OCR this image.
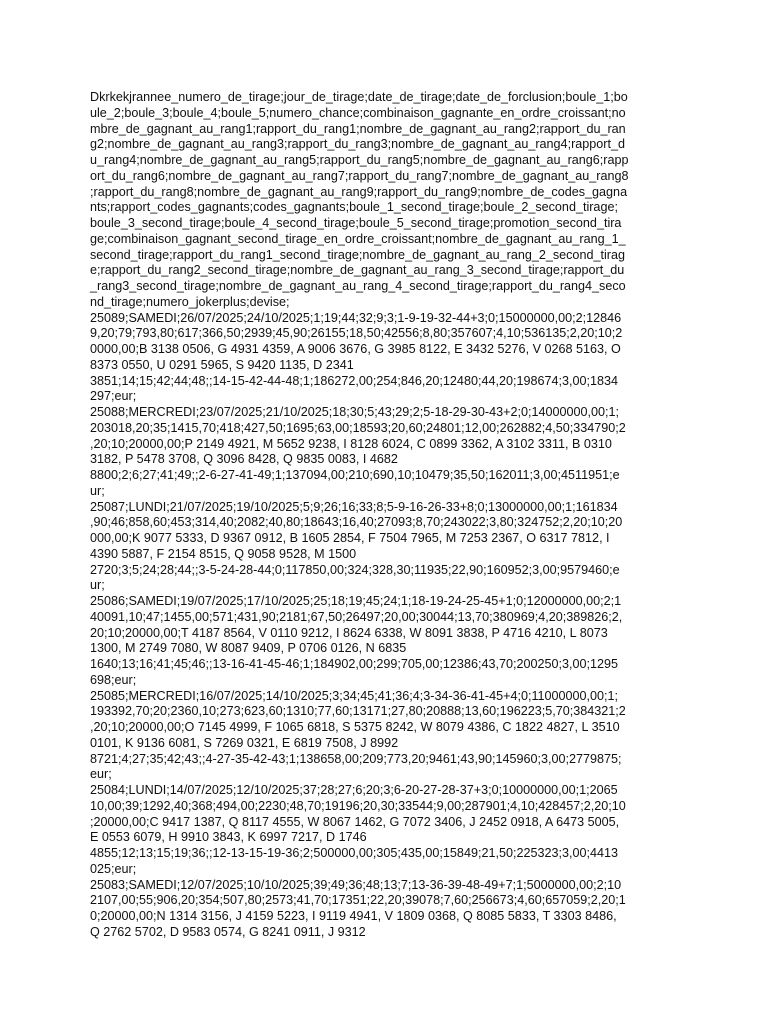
Dkrkekjrannee_numero_de_tirage;jour_de_tirage;date_de_tirage;date_de_forclusion;boule_1;bo
ule_2;boule_3;boule_4;boule_5;numero_chance;combinaison_gagnante_en_ordre_croissant;no
mbre_de_gagnant_au_rang1;rapport_du_rang1;nombre_de_gagnant_au_rang2;rapport_du_ran
g2;nombre_de_gagnant_au_rang3;rapport_du_rang3;nombre_de_gagnant_au_rang4;rapport_d
u_rang4;nombre_de_gagnant_au_rang5;rapport_du_rang5;nombre_de_gagnant_au_rang6;rapp
ort_du_rang6;nombre_de_gagnant_au_rang7;rapport_du_rang7;nombre_de_gagnant_au_rang8
;rapport_du_rang8;nombre_de_gagnant_au_rang9;rapport_du_rang9;nombre_de_codes_gagna
nts;rapport_codes_gagnants;codes_gagnants;boule_1_second_tirage;boule_2_second_tirage;
boule_3_second_tirage;boule_4_second_tirage;boule_5_second_tirage;promotion_second_tira
ge;combinaison_gagnant_second_tirage_en_ordre_croissant;nombre_de_gagnant_au_rang_1_
second_tirage;rapport_du_rang1_second_tirage;nombre_de_gagnant_au_rang_2_second_tirag
e;rapport_du_rang2_second_tirage;nombre_de_gagnant_au_rang_3_second_tirage;rapport_du
_rang3_second_tirage;nombre_de_gagnant_au_rang_4_second_tirage;rapport_du_rang4_seco
nd_tirage;numero_jokerplus;devise;
25089;SAMEDI;26/07/2025;24/10/2025;1;19;44;32;9;3;1-9-19-32-44+3;0;15000000,00;2;12846
9,20;79;793,80;617;366,50;2939;45,90;26155;18,50;42556;8,80;357607;4,10;536135;2,20;10;2
0000,00;B 3138 0506, G 4931 4359, A 9006 3676, G 3985 8122, E 3432 5276, V 0268 5163, O
8373 0550, U 0291 5965, S 9420 1135, D 2341
3851;14;15;42;44;48;;14-15-42-44-48;1;186272,00;254;846,20;12480;44,20;198674;3,00;1834
297;eur;
25088;MERCREDI;23/07/2025;21/10/2025;18;30;5;43;29;2;5-18-29-30-43+2;0;14000000,00;1;
203018,20;35;1415,70;418;427,50;1695;63,00;18593;20,60;24801;12,00;262882;4,50;334790;2
,20;10;20000,00;P 2149 4921, M 5652 9238, I 8128 6024, C 0899 3362, A 3102 3311, B 0310
3182, P 5478 3708, Q 3096 8428, Q 9835 0083, I 4682
8800;2;6;27;41;49;;2-6-27-41-49;1;137094,00;210;690,10;10479;35,50;162011;3,00;4511951;e
ur;
25087;LUNDI;21/07/2025;19/10/2025;5;9;26;16;33;8;5-9-16-26-33+8;0;13000000,00;1;161834
,90;46;858,60;453;314,40;2082;40,80;18643;16,40;27093;8,70;243022;3,80;324752;2,20;10;20
000,00;K 9077 5333, D 9367 0912, B 1605 2854, F 7504 7965, M 7253 2367, O 6317 7812, I
4390 5887, F 2154 8515, Q 9058 9528, M 1500
2720;3;5;24;28;44;;3-5-24-28-44;0;117850,00;324;328,30;11935;22,90;160952;3,00;9579460;e
ur;
25086;SAMEDI;19/07/2025;17/10/2025;25;18;19;45;24;1;18-19-24-25-45+1;0;12000000,00;2;1
40091,10;47;1455,00;571;431,90;2181;67,50;26497;20,00;30044;13,70;380969;4,20;389826;2,
20;10;20000,00;T 4187 8564, V 0110 9212, I 8624 6338, W 8091 3838, P 4716 4210, L 8073
1300, M 2749 7080, W 8087 9409, P 0706 0126, N 6835
1640;13;16;41;45;46;;13-16-41-45-46;1;184902,00;299;705,00;12386;43,70;200250;3,00;1295
698;eur;
25085;MERCREDI;16/07/2025;14/10/2025;3;34;45;41;36;4;3-34-36-41-45+4;0;11000000,00;1;
193392,70;20;2360,10;273;623,60;1310;77,60;13171;27,80;20888;13,60;196223;5,70;384321;2
,20;10;20000,00;O 7145 4999, F 1065 6818, S 5375 8242, W 8079 4386, C 1822 4827, L 3510
0101, K 9136 6081, S 7269 0321, E 6819 7508, J 8992
8721;4;27;35;42;43;;4-27-35-42-43;1;138658,00;209;773,20;9461;43,90;145960;3,00;2779875;
eur;
25084;LUNDI;14/07/2025;12/10/2025;37;28;27;6;20;3;6-20-27-28-37+3;0;10000000,00;1;2065
10,00;39;1292,40;368;494,00;2230;48,70;19196;20,30;33544;9,00;287901;4,10;428457;2,20;10
;20000,00;C 9417 1387, Q 8117 4555, W 8067 1462, G 7072 3406, J 2452 0918, A 6473 5005,
E 0553 6079, H 9910 3843, K 6997 7217, D 1746
4855;12;13;15;19;36;;12-13-15-19-36;2;500000,00;305;435,00;15849;21,50;225323;3,00;4413
025;eur;
25083;SAMEDI;12/07/2025;10/10/2025;39;49;36;48;13;7;13-36-39-48-49+7;1;5000000,00;2;10
2107,00;55;906,20;354;507,80;2573;41,70;17351;22,20;39078;7,60;256673;4,60;657059;2,20;1
0;20000,00;N 1314 3156, J 4159 5223, I 9119 4941, V 1809 0368, Q 8085 5833, T 3303 8486,
Q 2762 5702, D 9583 0574, G 8241 0911, J 9312
